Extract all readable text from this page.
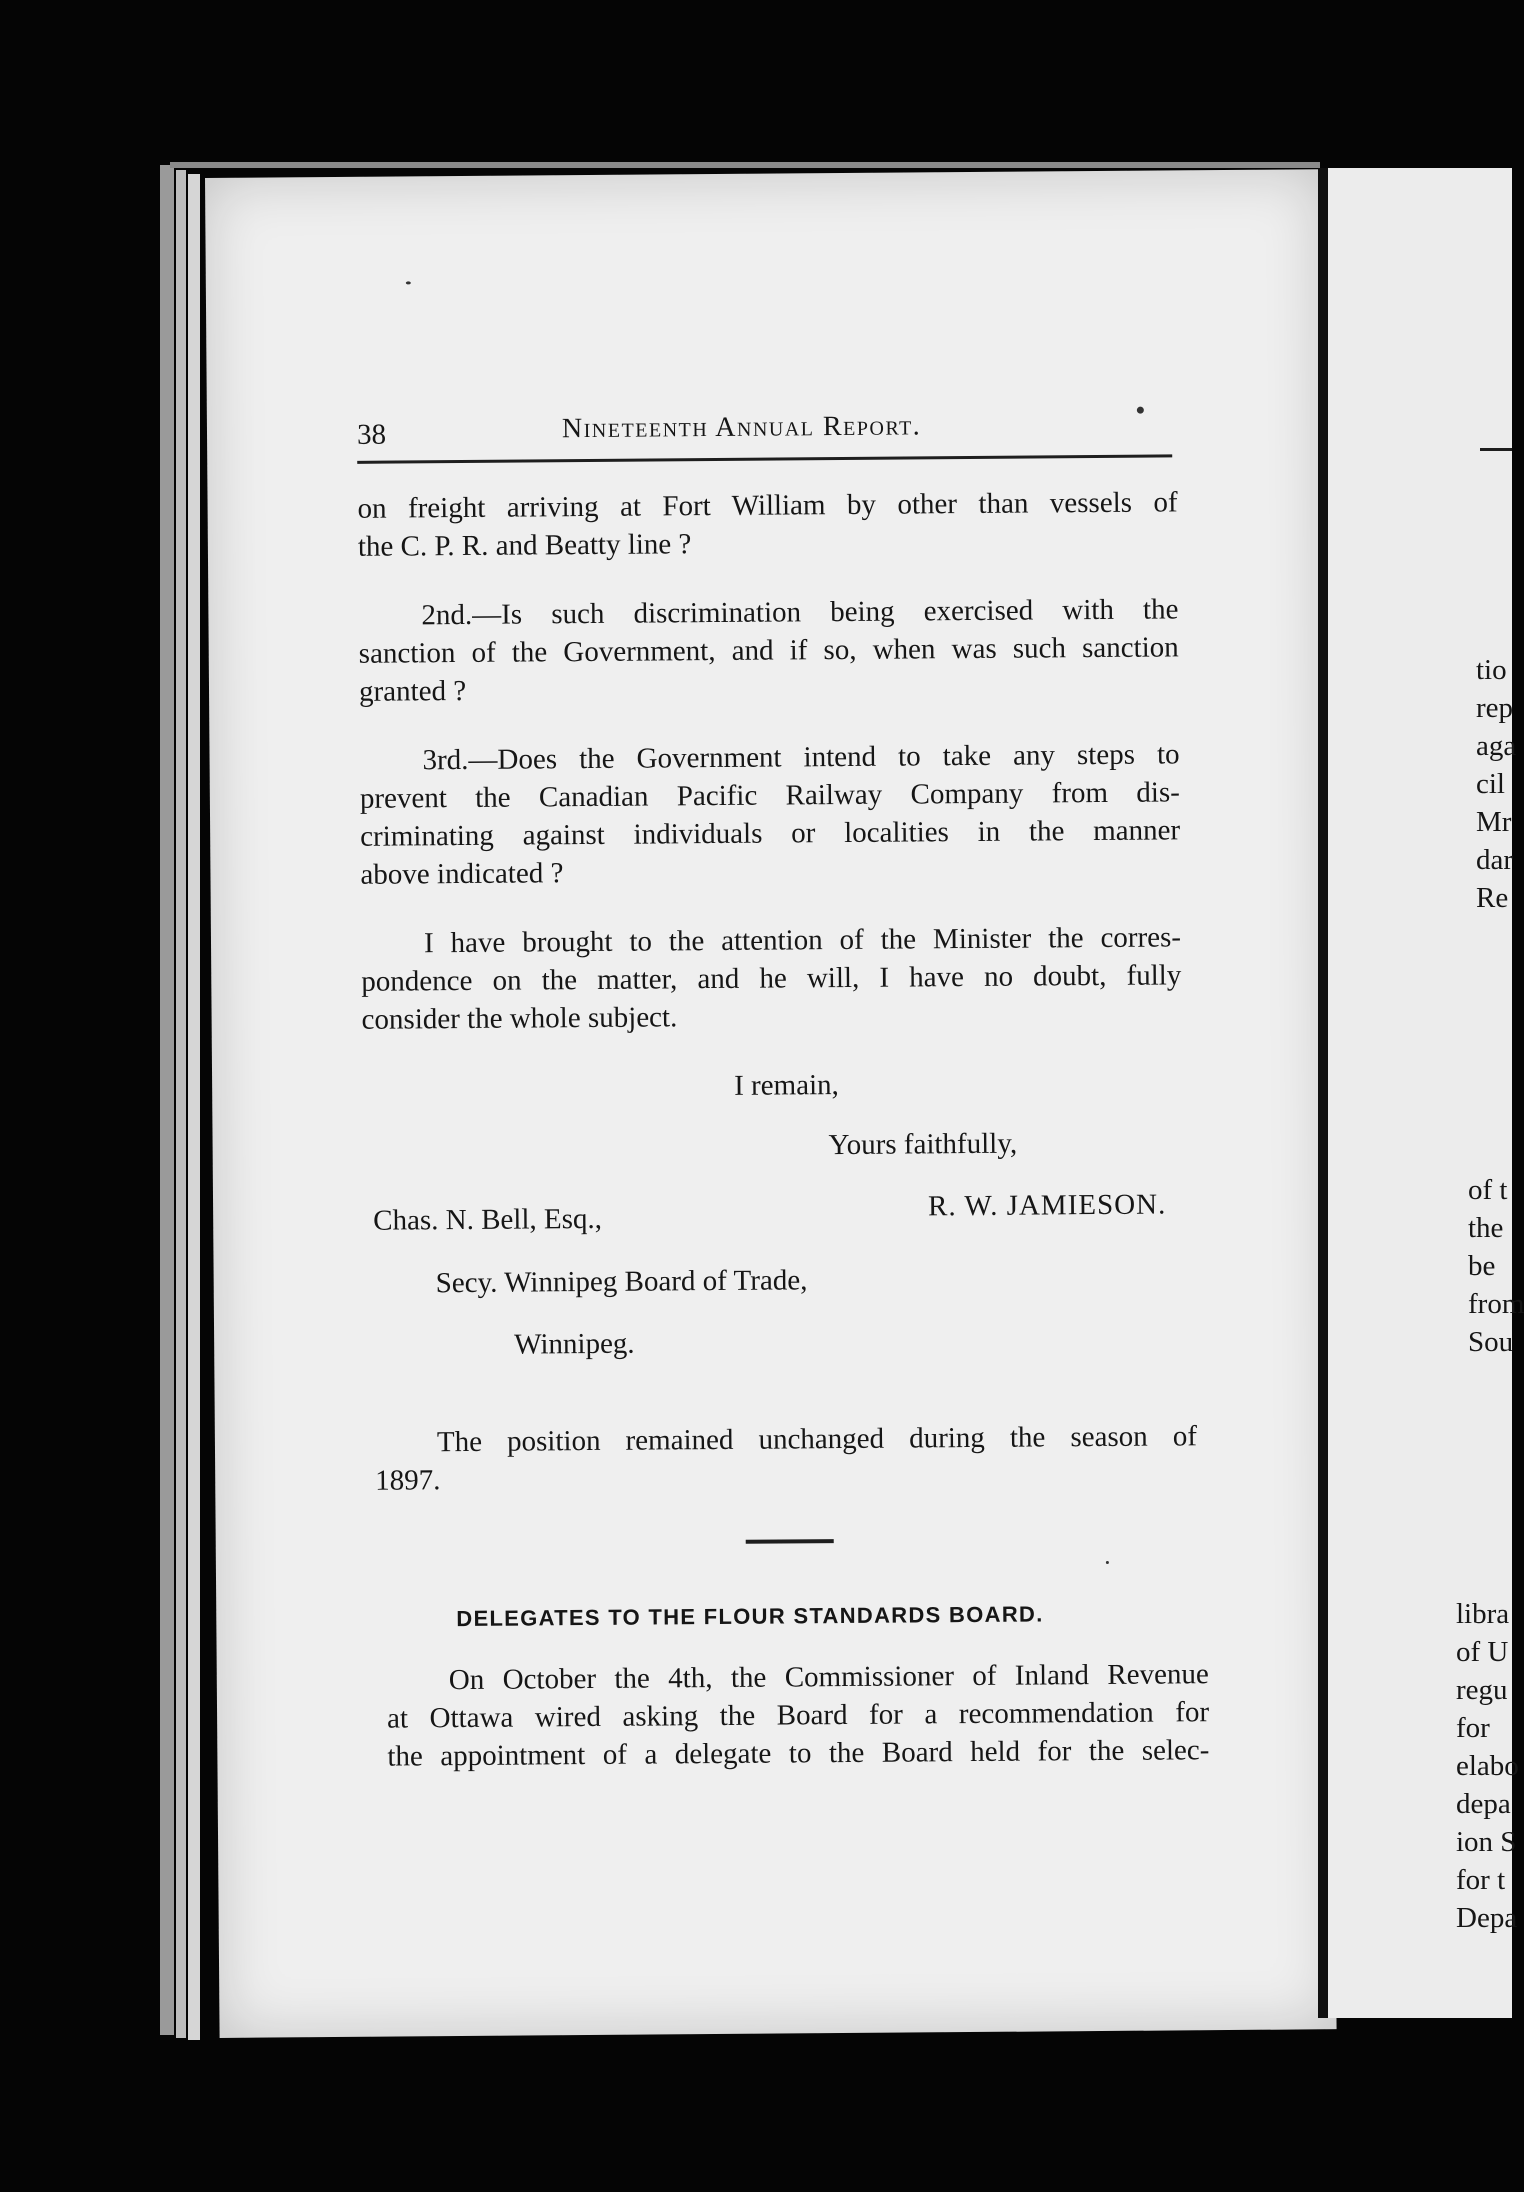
38	Nineteenth Annual Report.
on freight arriving at Fort William by other than vessels of
the C. P. R. and Beatty line ?
2nd.—Is such discrimination being exercised with the
sanction of the Government, and if so, when was such sanction
granted ?
3rd.—Does the Government intend to take any steps to
prevent the Canadian Pacific Railway Company from dis-
criminating against individuals or localities in the manner
above indicated ?
I have brought to the attention of the Minister the corres-
pondence on the matter, and he will, I have no doubt, fully
consider the whole subject.
I remain,
Yours faithfully,
R. W. JAMIESON.
Chas. N. Bell, Esq.,
Secy. Winnipeg Board of Trade,
Winnipeg.
The position remained unchanged during the season of
1897.
DELEGATES TO THE FLOUR STANDARDS BOARD.
On October the 4th, the Commissioner of Inland Revenue
at Ottawa wired asking the Board for a recommendation for
the appointment of a delegate to the Board held for the selec-
tio
rep
aga
cil
Mr
dar
Re
of t
the
be
from
Sou
libra
of U
regu
for
elabo
depa
ion S
for t
Depa
